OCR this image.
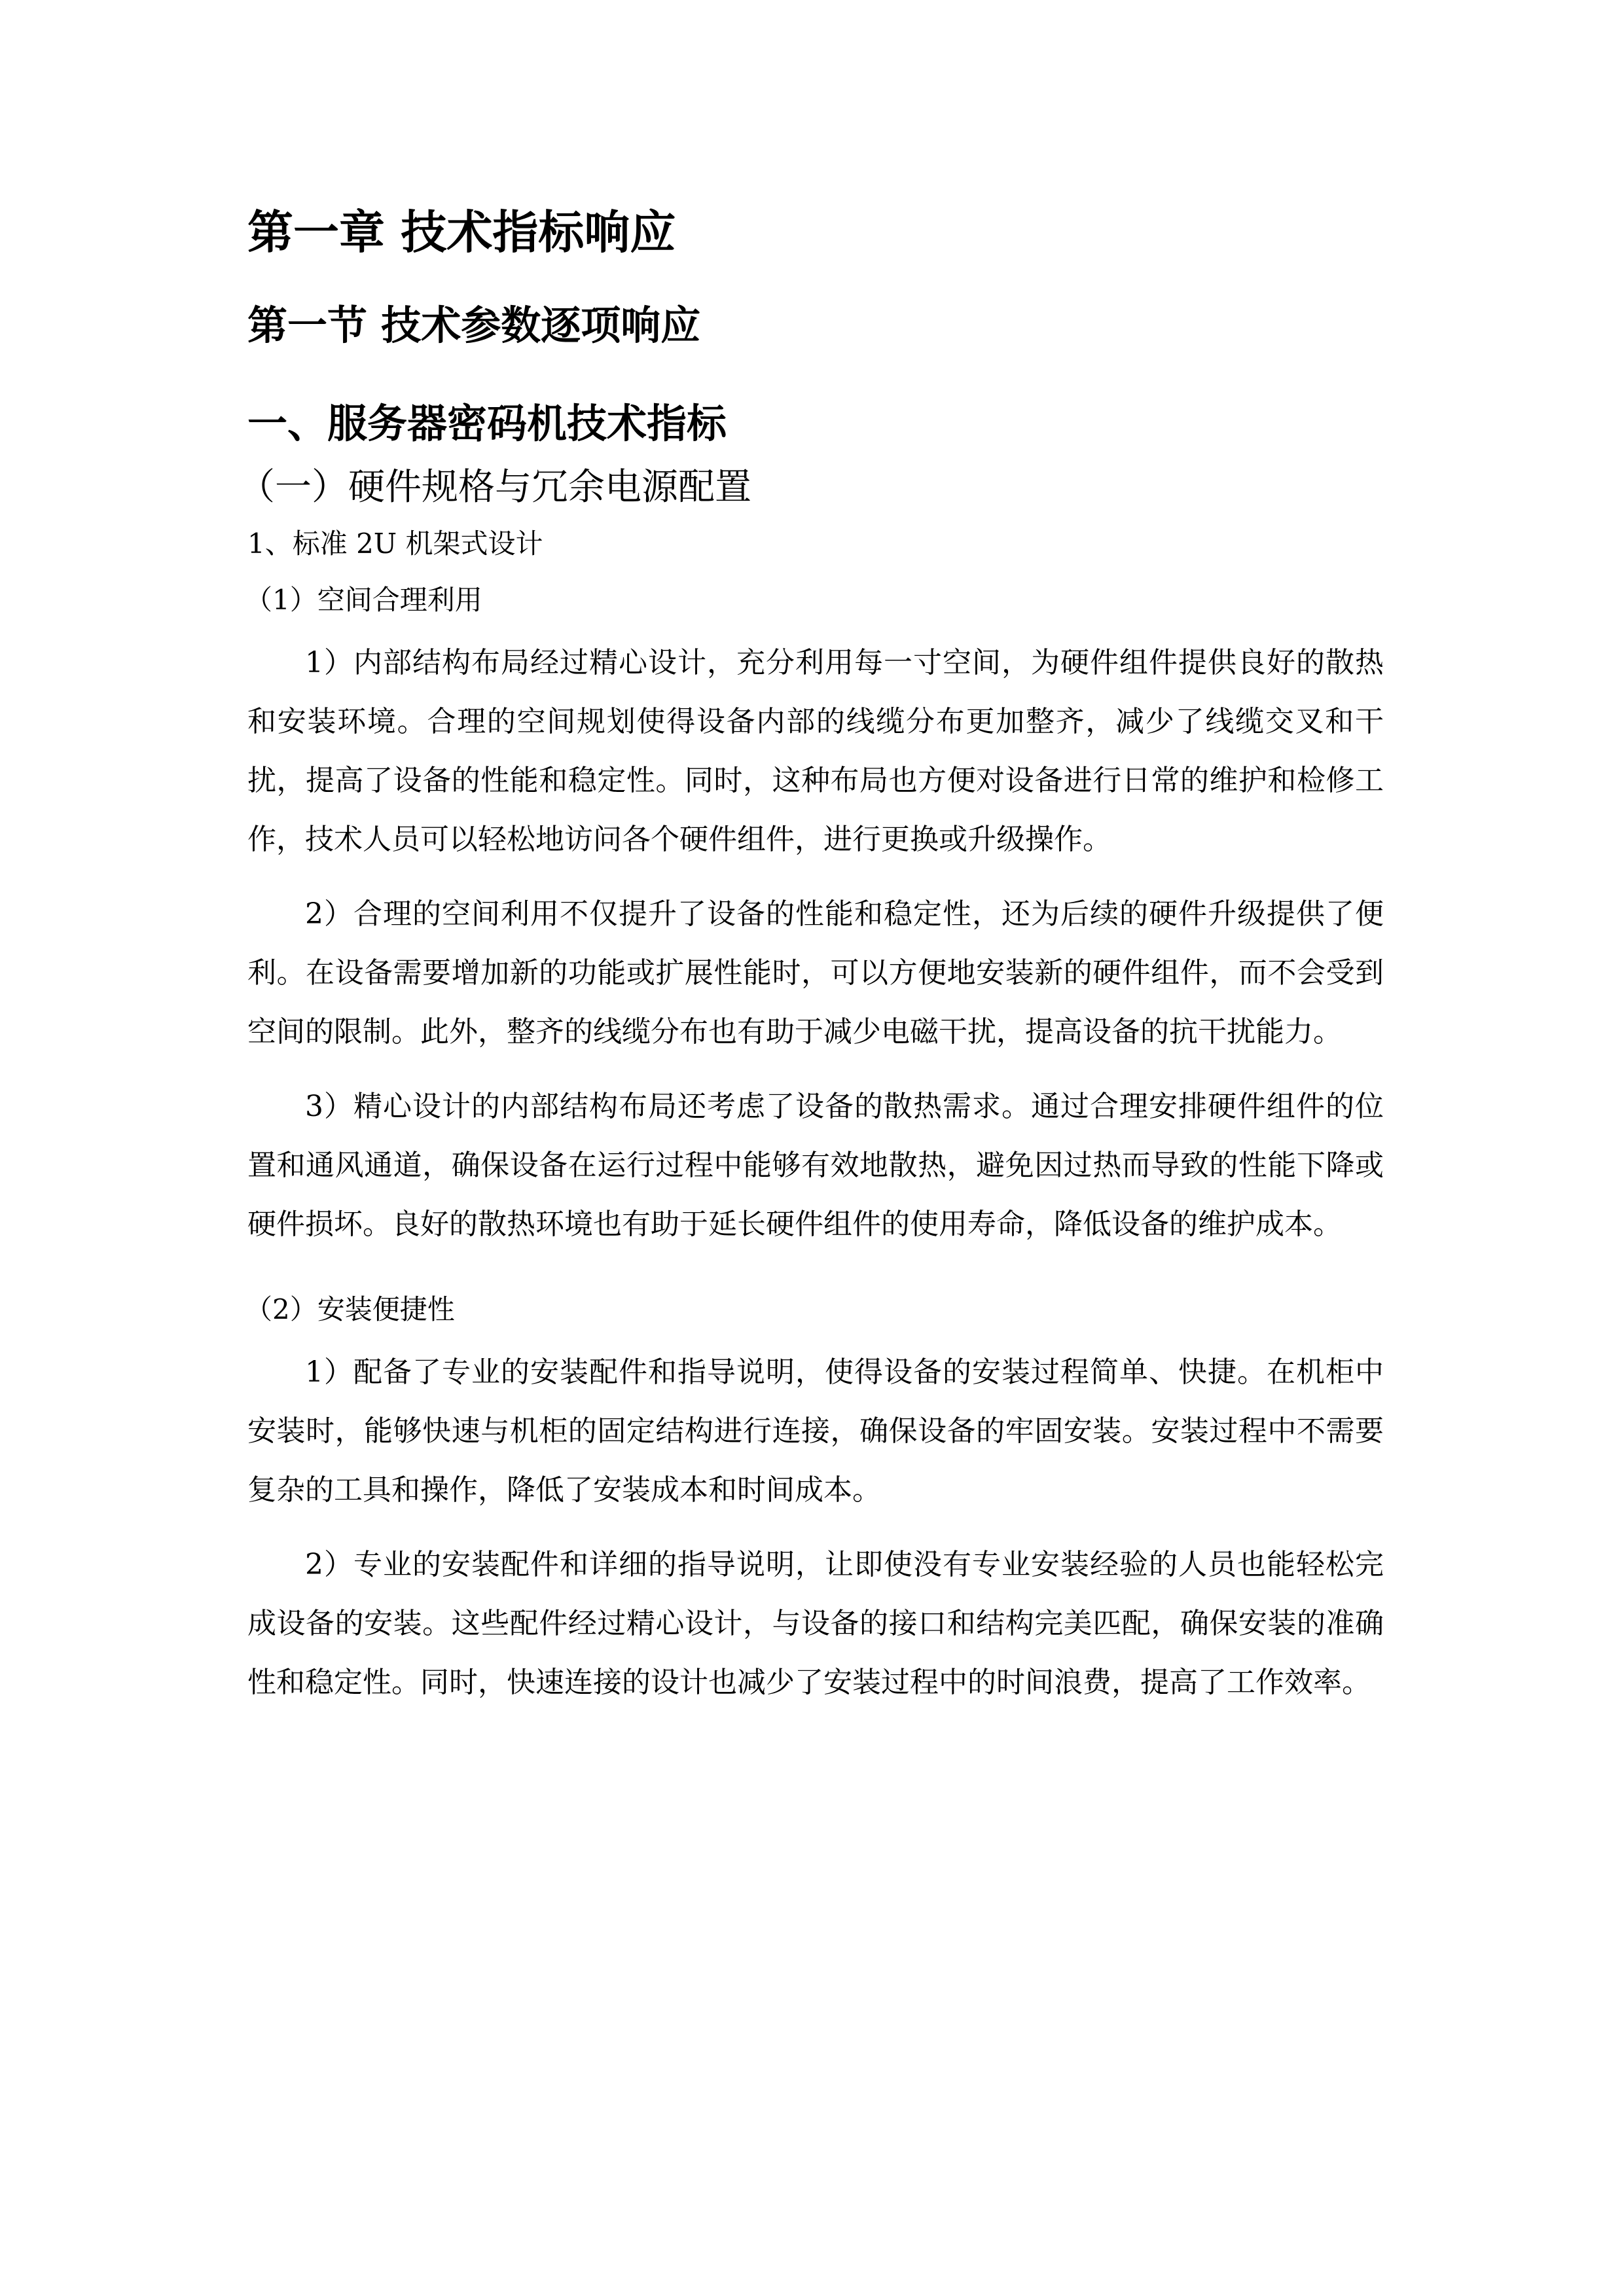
第一章 技术指标响应
第一节 技术参数逐项响应
一、服务器密码机技术指标
（一）硬件规格与冗余电源配置
1、标准 2U 机架式设计
（1）空间合理利用

1）内部结构布局经过精心设计，充分利用每一寸空间，为硬件组件提供良好的散热和安装环境。合理的空间规划使得设备内部的线缆分布更加整齐，减少了线缆交叉和干扰，提高了设备的性能和稳定性。同时，这种布局也方便对设备进行日常的维护和检修工作，技术人员可以轻松地访问各个硬件组件，进行更换或升级操作。

2）合理的空间利用不仅提升了设备的性能和稳定性，还为后续的硬件升级提供了便利。在设备需要增加新的功能或扩展性能时，可以方便地安装新的硬件组件，而不会受到空间的限制。此外，整齐的线缆分布也有助于减少电磁干扰，提高设备的抗干扰能力。

3）精心设计的内部结构布局还考虑了设备的散热需求。通过合理安排硬件组件的位置和通风通道，确保设备在运行过程中能够有效地散热，避免因过热而导致的性能下降或硬件损坏。良好的散热环境也有助于延长硬件组件的使用寿命，降低设备的维护成本。

（2）安装便捷性

1）配备了专业的安装配件和指导说明，使得设备的安装过程简单、快捷。在机柜中安装时，能够快速与机柜的固定结构进行连接，确保设备的牢固安装。安装过程中不需要复杂的工具和操作，降低了安装成本和时间成本。

2）专业的安装配件和详细的指导说明，让即使没有专业安装经验的人员也能轻松完成设备的安装。这些配件经过精心设计，与设备的接口和结构完美匹配，确保安装的准确性和稳定性。同时，快速连接的设计也减少了安装过程中的时间浪费，提高了工作效率。
